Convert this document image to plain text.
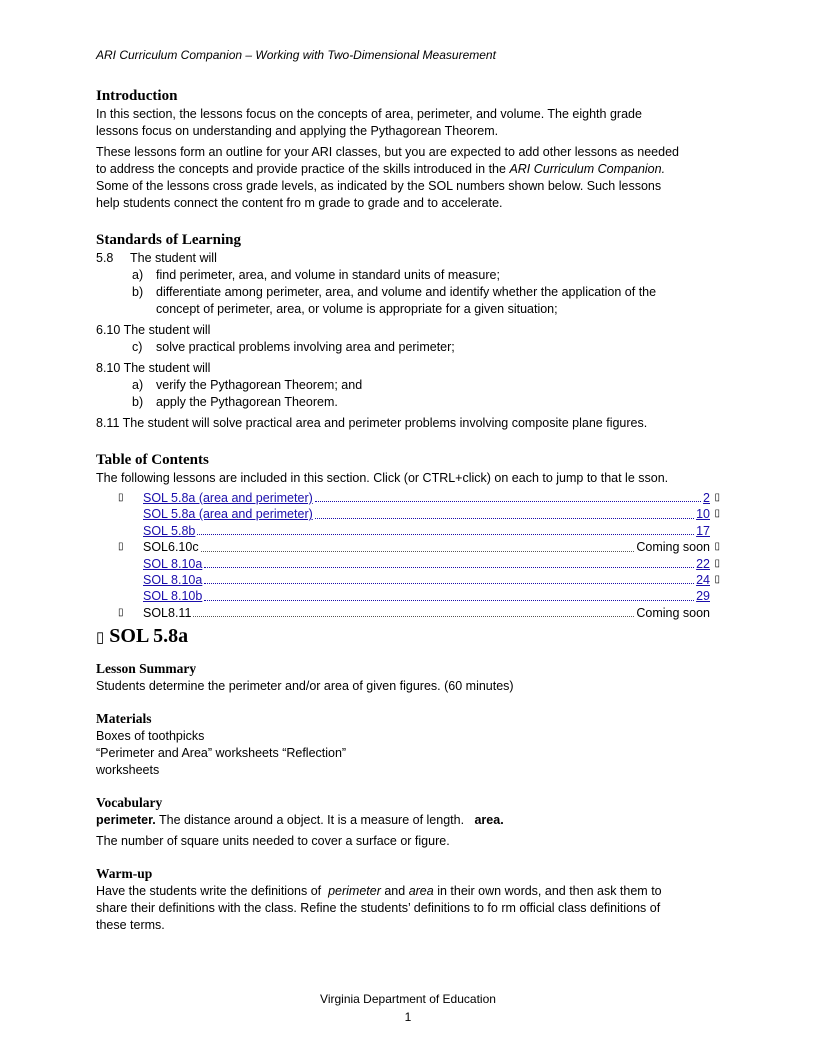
ARI Curriculum Companion – Working with Two-Dimensional Measurement
Introduction

In this section, the lessons focus on the concepts of area, perimeter, and volume. The eighth grade

lessons focus on understanding and applying the Pythagorean Theorem.

These lessons form an outline for your ARI classes, but you are expected to add other lessons as needed

to address the concepts and provide practice of the skills introduced in the ARI Curriculum Companion.

Some of the lessons cross grade levels, as indicated by the SOL numbers shown below. Such lessons

help students connect the content fro m grade to grade and to accelerate.

Standards of Learning
5.8	The student will
a)	find perimeter, area, and volume in standard units of measure;
b)	differentiate among perimeter, area, and volume and identify whether the application of the
concept of perimeter, area, or volume is appropriate for a given situation;

6.10 The student will

c)	solve practical problems involving area and perimeter;

8.10 The student will

a)	verify the Pythagorean Theorem; and
b)	apply the Pythagorean Theorem.

8.11 The student will solve practical area and perimeter problems involving composite plane figures.

Table of Contents

The following lessons are included in this section. Click (or CTRL+click) on each to jump to that le sson.

▯ SOL 5.8a (area and perimeter)	2 ▯
SOL 5.8a (area and perimeter)	10 ▯
SOL 5.8b	17
▯ SOL6.10c	Coming soon ▯
SOL 8.10a	22 ▯
SOL 8.10a	24 ▯
SOL 8.10b	29
▯ SOL8.11	Coming soon
▯ SOL 5.8a
Lesson Summary

Students determine the perimeter and/or area of given figures. (60 minutes)

Materials

Boxes of toothpicks

“Perimeter and Area” worksheets “Reflection”

worksheets

Vocabulary

perimeter. The distance around a object. It is a measure of length.   area.

The number of square units needed to cover a surface or figure.

Warm-up

Have the students write the definitions of  perimeter and area in their own words, and then ask them to

share their definitions with the class. Refine the students’ definitions to fo rm official class definitions of

these terms.

Virginia Department of Education
1
